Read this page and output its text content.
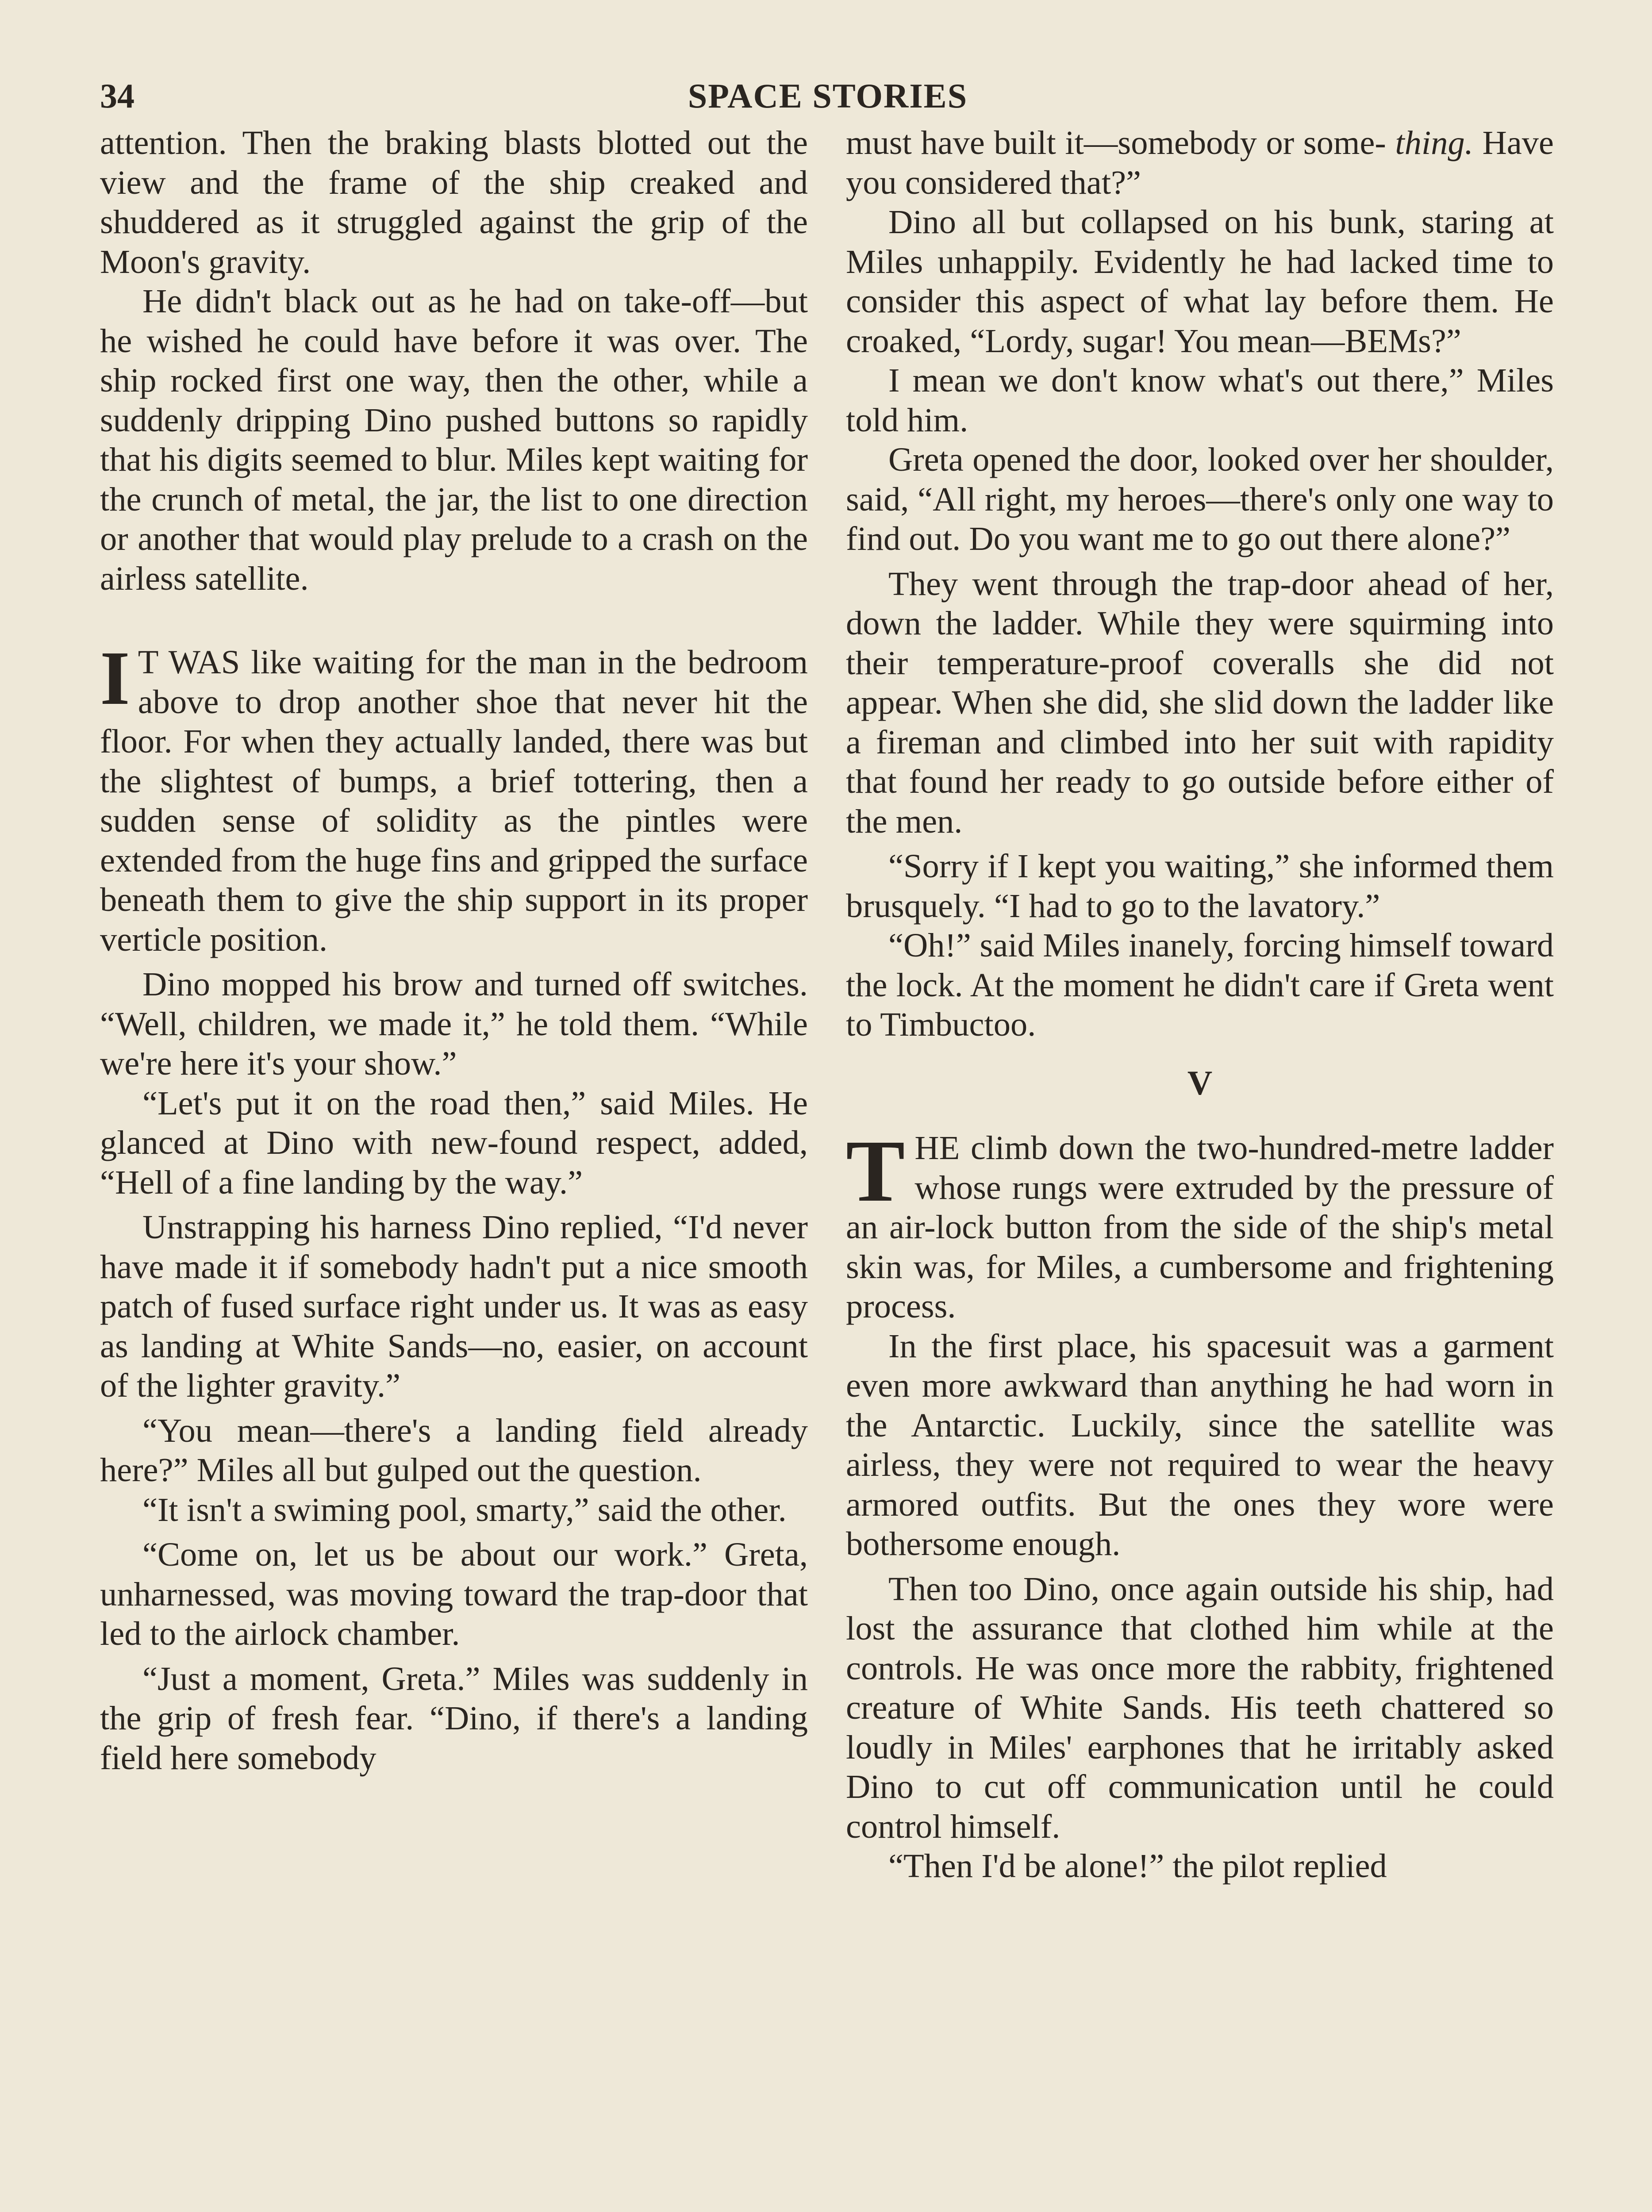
34	SPACE STORIES

attention. Then the braking blasts blotted out the view and the frame of the ship creaked and shuddered as it struggled against the grip of the Moon's gravity.

He didn't black out as he had on take-off—but he wished he could have before it was over. The ship rocked first one way, then the other, while a suddenly dripping Dino pushed buttons so rapidly that his digits seemed to blur. Miles kept waiting for the crunch of metal, the jar, the list to one direction or another that would play prelude to a crash on the airless satellite.

I T WAS like waiting for the man in the bedroom above to drop another shoe that never hit the floor. For when they actually landed, there was but the slightest of bumps, a brief tottering, then a sudden sense of solidity as the pintles were extended from the huge fins and gripped the surface beneath them to give the ship support in its proper verticle position.

Dino mopped his brow and turned off switches. “Well, children, we made it,” he told them. “While we're here it's your show.”

“Let's put it on the road then,” said Miles. He glanced at Dino with new-found respect, added, “Hell of a fine landing by the way.”

Unstrapping his harness Dino replied, “I'd never have made it if somebody hadn't put a nice smooth patch of fused surface right under us. It was as easy as landing at White Sands—no, easier, on account of the lighter gravity.”

“You mean—there's a landing field already here?” Miles all but gulped out the question.

“It isn't a swiming pool, smarty,” said the other.

“Come on, let us be about our work.” Greta, unharnessed, was moving toward the trap-door that led to the airlock chamber.

“Just a moment, Greta.” Miles was suddenly in the grip of fresh fear. “Dino, if there's a landing field here somebody

must have built it—somebody or some- thing. Have you considered that?”

Dino all but collapsed on his bunk, staring at Miles unhappily. Evidently he had lacked time to consider this aspect of what lay before them. He croaked, “Lordy, sugar! You mean—BEMs?”

I mean we don't know what's out there,” Miles told him.

Greta opened the door, looked over her shoulder, said, “All right, my heroes—there's only one way to find out. Do you want me to go out there alone?”

They went through the trap-door ahead of her, down the ladder. While they were squirming into their temperature-proof coveralls she did not appear. When she did, she slid down the ladder like a fireman and climbed into her suit with rapidity that found her ready to go outside before either of the men.

“Sorry if I kept you waiting,” she informed them brusquely. “I had to go to the lavatory.”

“Oh!” said Miles inanely, forcing himself toward the lock. At the moment he didn't care if Greta went to Timbuctoo.

V

THE climb down the two-hundred-metre ladder whose rungs were extruded by the pressure of an air-lock button from the side of the ship's metal skin was, for Miles, a cumbersome and frightening process.

In the first place, his spacesuit was a garment even more awkward than anything he had worn in the Antarctic. Luckily, since the satellite was airless, they were not required to wear the heavy armored outfits. But the ones they wore were bothersome enough.

Then too Dino, once again outside his ship, had lost the assurance that clothed him while at the controls. He was once more the rabbity, frightened creature of White Sands. His teeth chattered so loudly in Miles' earphones that he irritably asked Dino to cut off communication until he could control himself.

“Then I'd be alone!” the pilot replied
